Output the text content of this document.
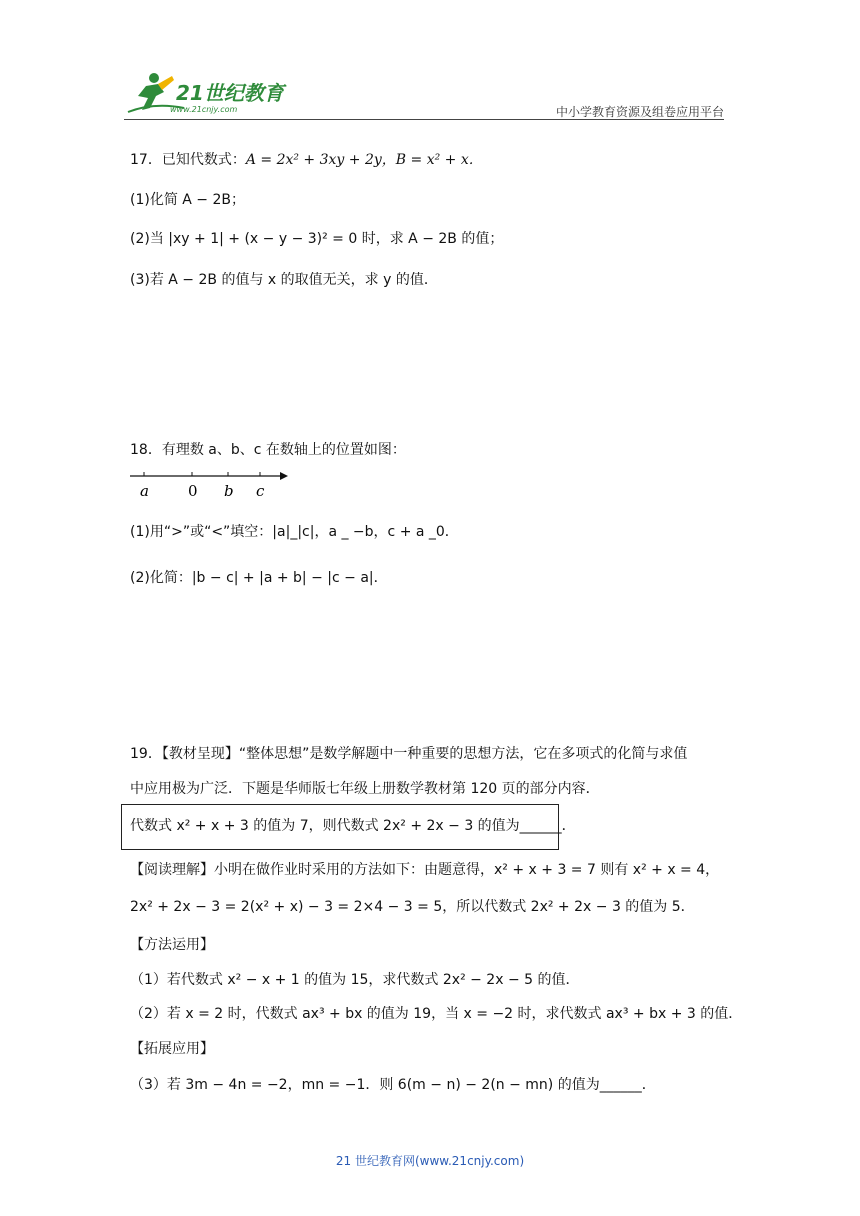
21世纪教育
www.21cnjy.com	中小学教育资源及组卷应用平台
17．已知代数式：A = 2x² + 3xy + 2y，B = x² + x．
(1)化简 A − 2B；
(2)当 |xy + 1| + (x − y − 3)² = 0 时，求 A − 2B 的值；
(3)若 A − 2B 的值与 x 的取值无关，求 y 的值．
18．有理数 a、b、c 在数轴上的位置如图：
a	0 b c
(1)用“>”或“<”填空：|a|_|c|，a _ −b，c + a _0．
(2)化简：|b − c| + |a + b| − |c − a|．
19．【教材呈现】“整体思想”是数学解题中一种重要的思想方法，它在多项式的化简与求值
中应用极为广泛．下题是华师版七年级上册数学教材第 120 页的部分内容．
代数式 x² + x + 3 的值为 7，则代数式 2x² + 2x − 3 的值为______．
【阅读理解】小明在做作业时采用的方法如下：由题意得，x² + x + 3 = 7 则有 x² + x = 4，
2x² + 2x − 3 = 2(x² + x) − 3 = 2×4 − 3 = 5，所以代数式 2x² + 2x − 3 的值为 5．
【方法运用】
（1）若代数式 x² − x + 1 的值为 15，求代数式 2x² − 2x − 5 的值．
（2）若 x = 2 时，代数式 ax³ + bx 的值为 19，当 x = −2 时，求代数式 ax³ + bx + 3 的值．
【拓展应用】
（3）若 3m − 4n = −2，mn = −1．则 6(m − n) − 2(n − mn) 的值为______．
21 世纪教育网(www.21cnjy.com)
